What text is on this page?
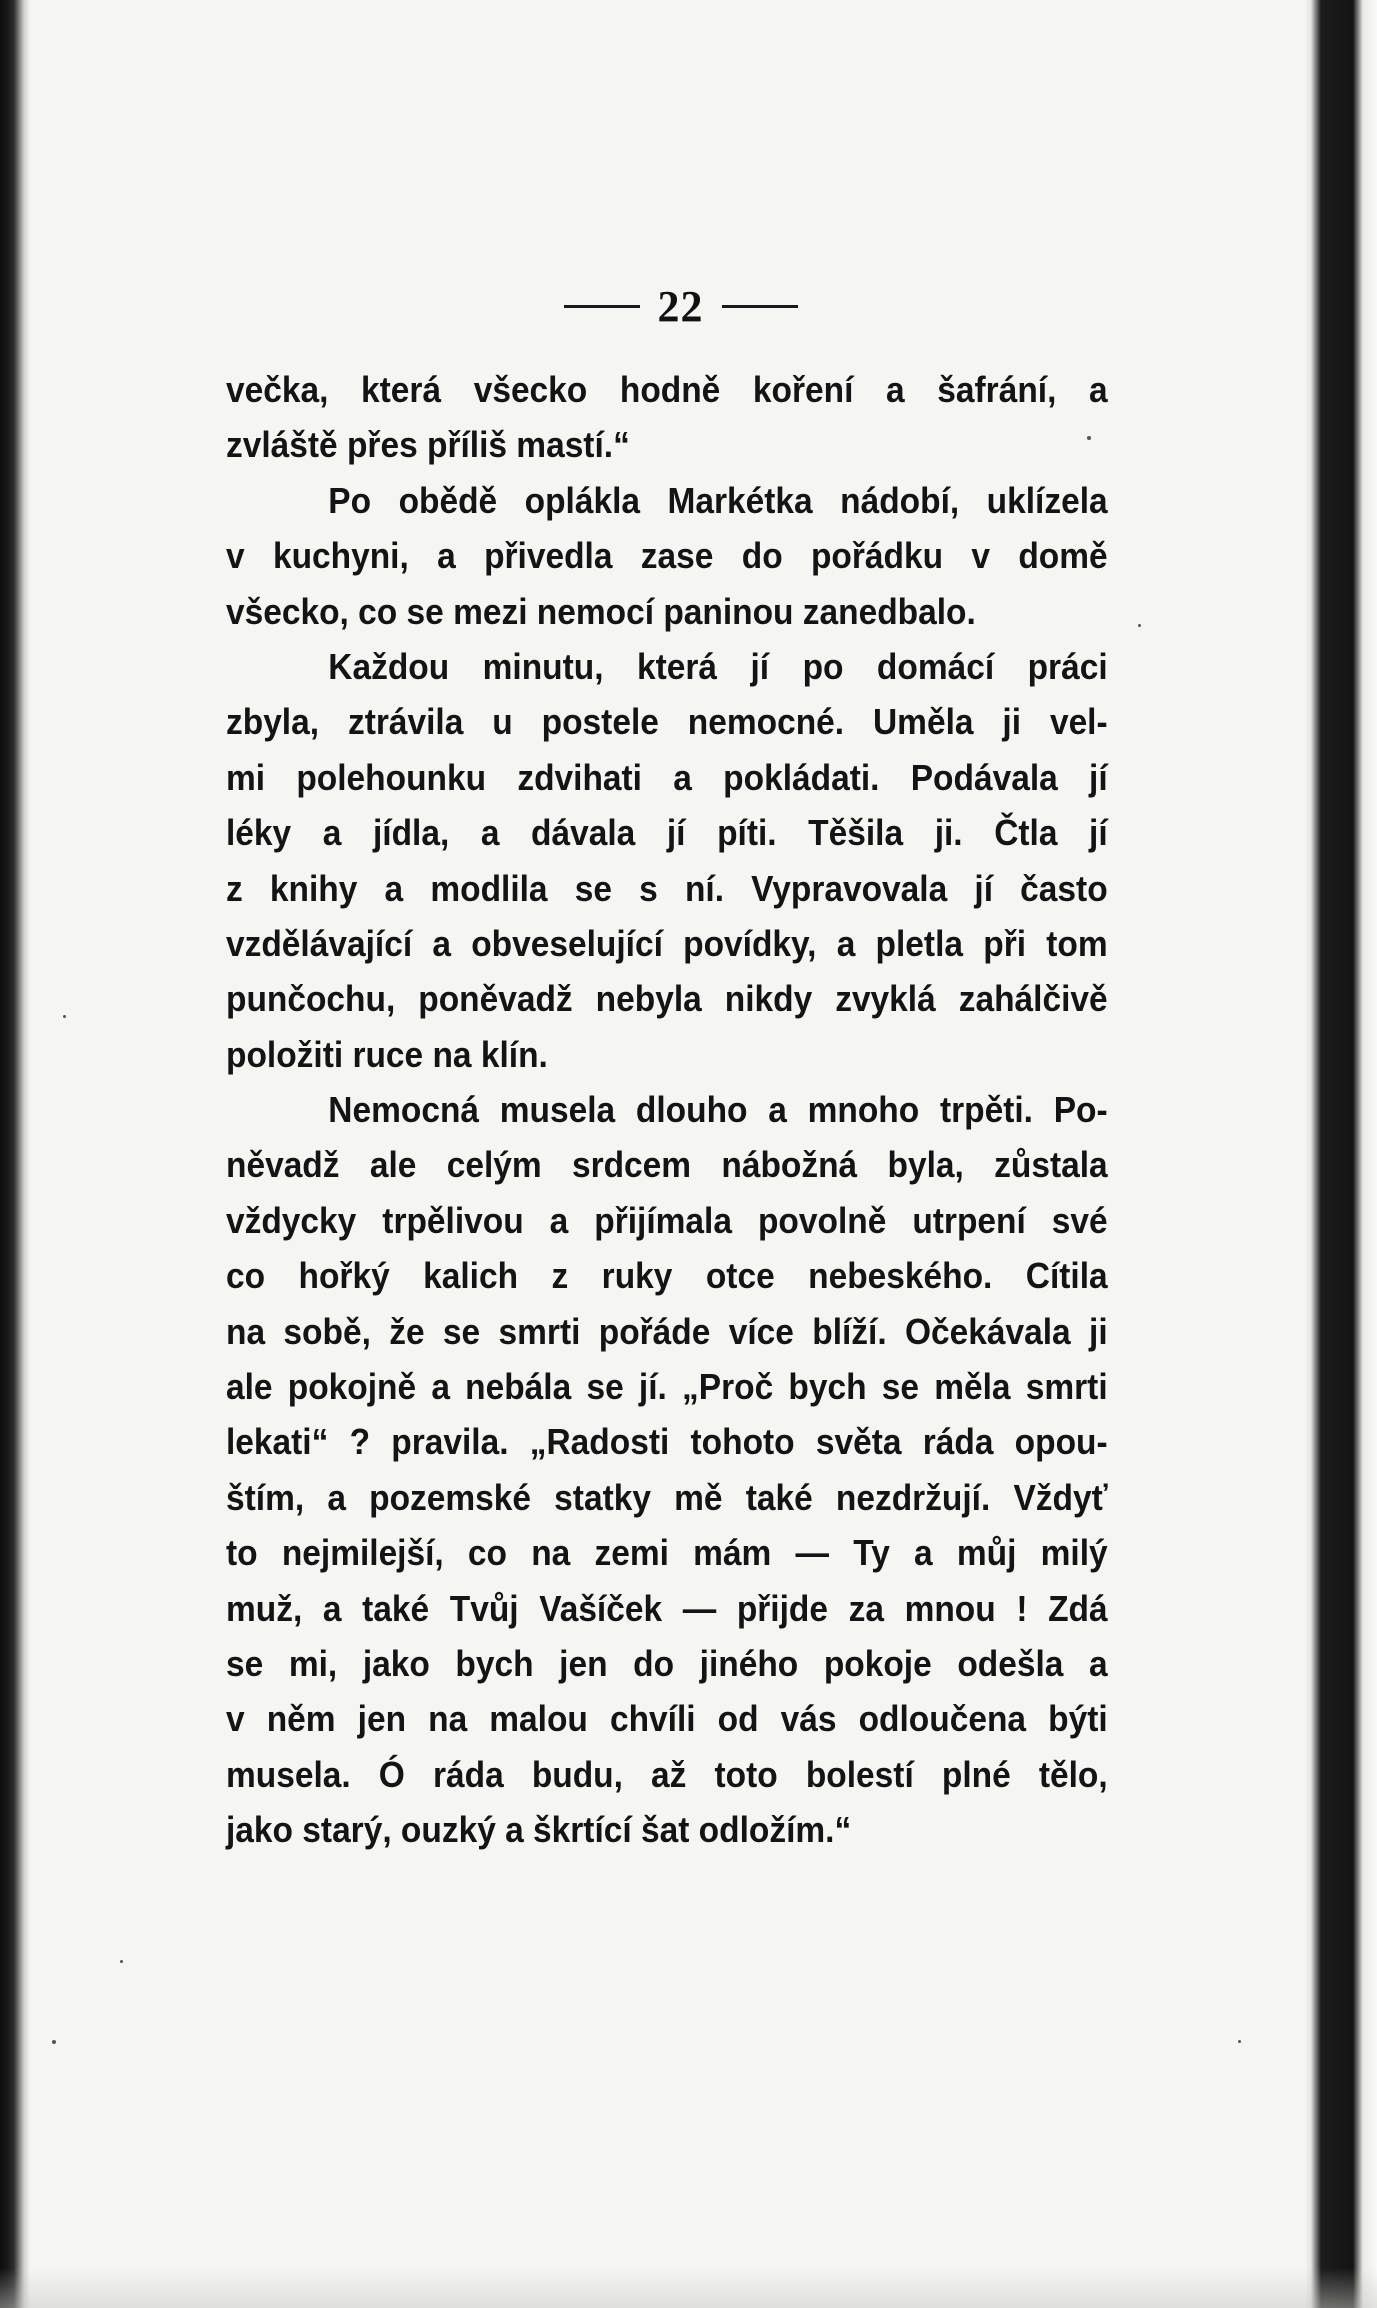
22
večka, která všecko hodně koření a šafrání, a
zvláště přes příliš mastí.“
Po obědě oplákla Markétka nádobí, uklízela
v kuchyni, a přivedla zase do pořádku v domě
všecko, co se mezi nemocí paninou zanedbalo.
Každou minutu, která jí po domácí práci
zbyla, ztrávila u postele nemocné. Uměla ji vel-
mi polehounku zdvihati a pokládati. Podávala jí
léky a jídla, a dávala jí píti. Těšila ji. Čtla jí
z knihy a modlila se s ní. Vypravovala jí často
vzdělávající a obveselující povídky, a pletla při tom
punčochu, poněvadž nebyla nikdy zvyklá zahálčivě
položiti ruce na klín.
Nemocná musela dlouho a mnoho trpěti. Po-
něvadž ale celým srdcem nábožná byla, zůstala
vždycky trpělivou a přijímala povolně utrpení své
co hořký kalich z ruky otce nebeského. Cítila
na sobě, že se smrti pořáde více blíží. Očekávala ji
ale pokojně a nebála se jí. „Proč bych se měla smrti
lekati“ ? pravila. „Radosti tohoto světa ráda opou-
štím, a pozemské statky mě také nezdržují. Vždyť
to nejmilejší, co na zemi mám — Ty a můj milý
muž, a také Tvůj Vašíček — přijde za mnou ! Zdá
se mi, jako bych jen do jiného pokoje odešla a
v něm jen na malou chvíli od vás odloučena býti
musela. Ó ráda budu, až toto bolestí plné tělo,
jako starý, ouzký a škrtící šat odložím.“
